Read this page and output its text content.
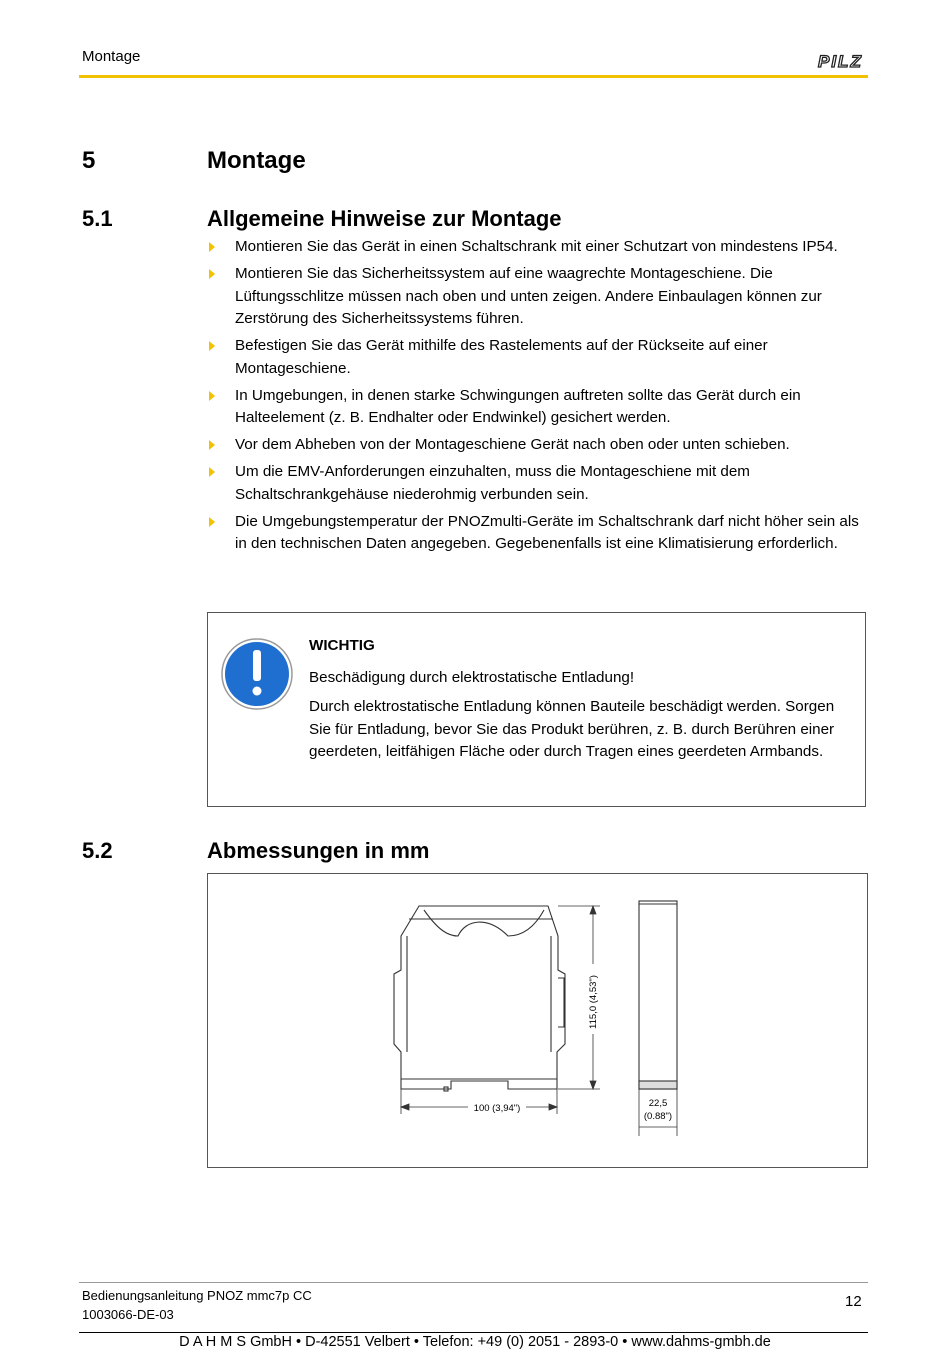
Montage	PILZ
5	Montage
5.1	Allgemeine Hinweise zur Montage
Montieren Sie das Gerät in einen Schaltschrank mit einer Schutzart von mindestens IP54.
Montieren Sie das Sicherheitssystem auf eine waagrechte Montageschiene. Die Lüftungsschlitze müssen nach oben und unten zeigen. Andere Einbaulagen können zur Zerstörung des Sicherheitssystems führen.
Befestigen Sie das Gerät mithilfe des Rastelements auf der Rückseite auf einer Montageschiene.
In Umgebungen, in denen starke Schwingungen auftreten sollte das Gerät durch ein Halteelement (z. B. Endhalter oder Endwinkel) gesichert werden.
Vor dem Abheben von der Montageschiene Gerät nach oben oder unten schieben.
Um die EMV-Anforderungen einzuhalten, muss die Montageschiene mit dem Schaltschrankgehäuse niederohmig verbunden sein.
Die Umgebungstemperatur der PNOZmulti-Geräte im Schaltschrank darf nicht höher sein als in den technischen Daten angegeben. Gegebenenfalls ist eine Klimatisierung erforderlich.
WICHTIG

Beschädigung durch elektrostatische Entladung!

Durch elektrostatische Entladung können Bauteile beschädigt werden. Sorgen Sie für Entladung, bevor Sie das Produkt berühren, z. B. durch Berühren einer geerdeten, leitfähigen Fläche oder durch Tragen eines geerdeten Armbands.

5.2	Abmessungen in mm
115,0 (4,53")
100 (3,94")	22,5
(0.88")
Bedienungsanleitung PNOZ mmc7p CC
1003066-DE-03
12
D A H M S GmbH • D-42551 Velbert • Telefon: +49 (0) 2051 - 2893-0 • www.dahms-gmbh.de
